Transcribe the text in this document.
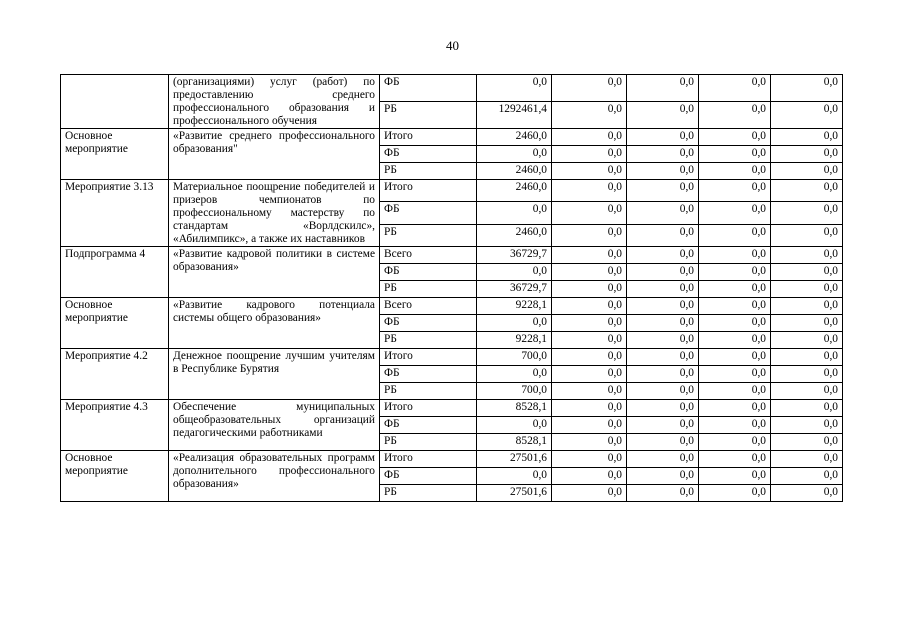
40
	(организациями) услуг (работ) по предоставлению среднего профессионального образования и профессионального обучения	ФБ	0,0	0,0	0,0	0,0	0,0
		РБ	1292461,4	0,0	0,0	0,0	0,0
Основное мероприятие	«Развитие среднего профессионального образования"	Итого	2460,0	0,0	0,0	0,0	0,0
		ФБ	0,0	0,0	0,0	0,0	0,0
		РБ	2460,0	0,0	0,0	0,0	0,0
Мероприятие 3.13	Материальное поощрение победителей и призеров чемпионатов по профессиональному мастерству по стандартам «Ворлдскилс», «Абилимпикс», а также их наставников	Итого	2460,0	0,0	0,0	0,0	0,0
		ФБ	0,0	0,0	0,0	0,0	0,0
		РБ	2460,0	0,0	0,0	0,0	0,0
Подпрограмма 4	«Развитие кадровой политики в системе образования»	Всего	36729,7	0,0	0,0	0,0	0,0
		ФБ	0,0	0,0	0,0	0,0	0,0
		РБ	36729,7	0,0	0,0	0,0	0,0
Основное мероприятие	«Развитие кадрового потенциала системы общего образования»	Всего	9228,1	0,0	0,0	0,0	0,0
		ФБ	0,0	0,0	0,0	0,0	0,0
		РБ	9228,1	0,0	0,0	0,0	0,0
Мероприятие 4.2	Денежное поощрение лучшим учителям в Республике Бурятия	Итого	700,0	0,0	0,0	0,0	0,0
		ФБ	0,0	0,0	0,0	0,0	0,0
		РБ	700,0	0,0	0,0	0,0	0,0
Мероприятие 4.3	Обеспечение муниципальных общеобразовательных организаций педагогическими работниками	Итого	8528,1	0,0	0,0	0,0	0,0
		ФБ	0,0	0,0	0,0	0,0	0,0
		РБ	8528,1	0,0	0,0	0,0	0,0
Основное мероприятие	«Реализация образовательных программ дополнительного профессионального образования»	Итого	27501,6	0,0	0,0	0,0	0,0
		ФБ	0,0	0,0	0,0	0,0	0,0
		РБ	27501,6	0,0	0,0	0,0	0,0
